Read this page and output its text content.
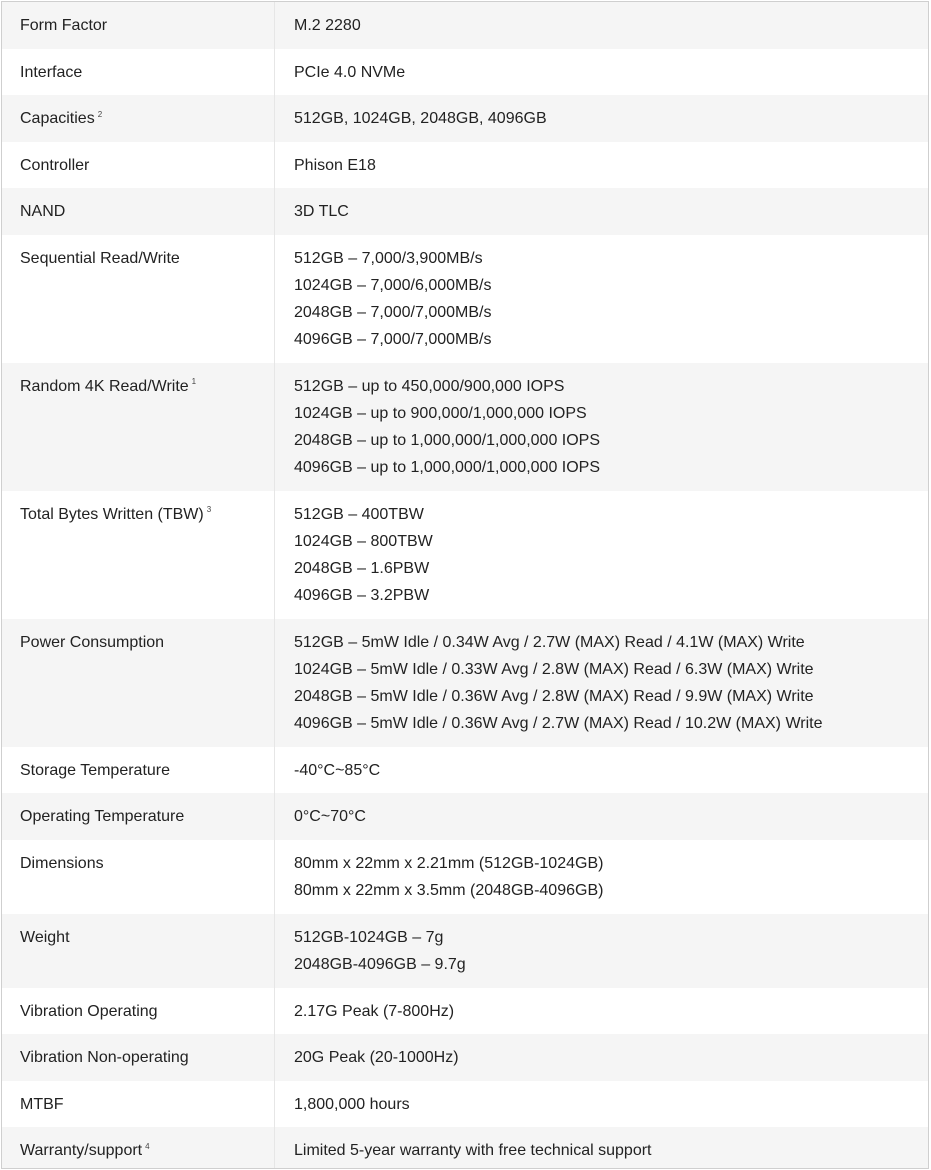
Form Factor	M.2 2280
Interface	PCIe 4.0 NVMe
Capacities $^2$	512GB, 1024GB, 2048GB, 4096GB
Controller	Phison E18
NAND	3D TLC
Sequential Read/Write	512GB – 7,000/3,900MB/s
1024GB – 7,000/6,000MB/s
2048GB – 7,000/7,000MB/s
4096GB – 7,000/7,000MB/s
Random 4K Read/Write $^1$	512GB – up to 450,000/900,000 IOPS
1024GB – up to 900,000/1,000,000 IOPS
2048GB – up to 1,000,000/1,000,000 IOPS
4096GB – up to 1,000,000/1,000,000 IOPS
Total Bytes Written (TBW) $^3$	512GB – 400TBW
1024GB – 800TBW
2048GB – 1.6PBW
4096GB – 3.2PBW
Power Consumption	512GB – 5mW Idle / 0.34W Avg / 2.7W (MAX) Read / 4.1W (MAX) Write
1024GB – 5mW Idle / 0.33W Avg / 2.8W (MAX) Read / 6.3W (MAX) Write
2048GB – 5mW Idle / 0.36W Avg / 2.8W (MAX) Read / 9.9W (MAX) Write
4096GB – 5mW Idle / 0.36W Avg / 2.7W (MAX) Read / 10.2W (MAX) Write
Storage Temperature	-40°C~85°C
Operating Temperature	0°C~70°C
Dimensions	80mm x 22mm x 2.21mm (512GB-1024GB)
80mm x 22mm x 3.5mm (2048GB-4096GB)
Weight	512GB-1024GB – 7g
2048GB-4096GB – 9.7g
Vibration Operating	2.17G Peak (7-800Hz)
Vibration Non-operating	20G Peak (20-1000Hz)
MTBF	1,800,000 hours
Warranty/support $^4$	Limited 5-year warranty with free technical support
